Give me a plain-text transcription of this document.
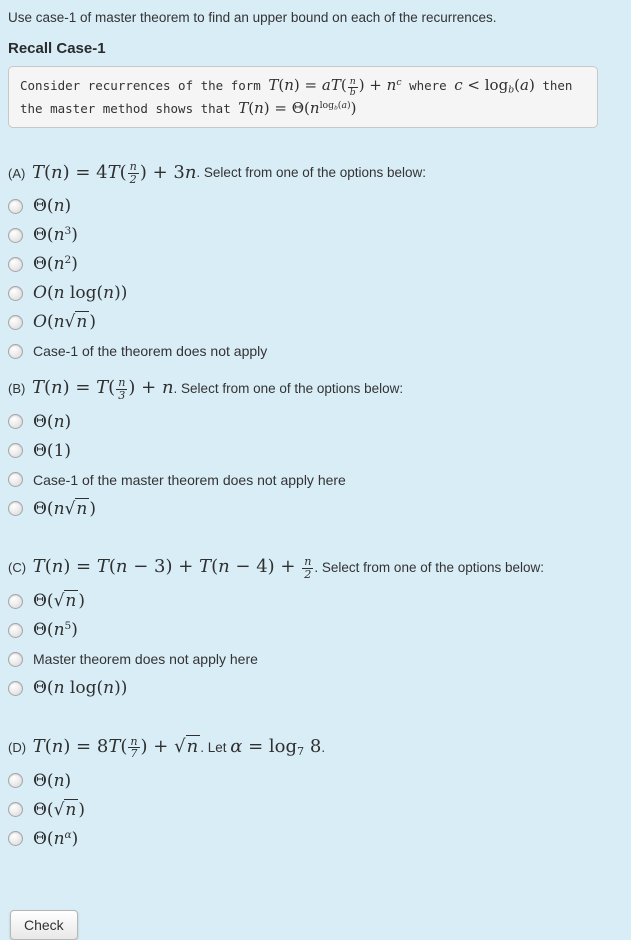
Use case-1 of master theorem to find an upper bound on each of the recurrences.

Recall Case-1
Consider recurrences of the form $T(n) = aT( \frac{n}{b}$ ) + $n^c$ where $c < \log_b(a)$ then the master method shows that $T(n) = \Theta(n^{log_b(a)})$
(A) $T(n) = 4T( \frac{n}{2}$ ) + 3n. Select from one of the options below:
Θ(n)
$\Theta(n^3)$
$\Theta(n^2)$
O(n log(n))
O(n√n )
Case-1 of the theorem does not apply
(B) $T(n) = T( \frac{n}{3}$ ) + n. Select from one of the options below:
Θ(n)
Θ(1)
Case-1 of the master theorem does not apply here
Θ(n√n )
(C) $T(n) = T(n - 3) + T(n - 4) + \frac{n}{2}$ . Select from one of the options below:
Θ(√n )
$\Theta(n^5)$
Master theorem does not apply here
Θ(n log(n))
(D) $T(n) = 8T( \frac{n}{7}$ ) + √n . Let $\alpha = \log_7 8$.
Θ(n)
Θ(√n )
$\Theta(n^\alpha)$
Check
